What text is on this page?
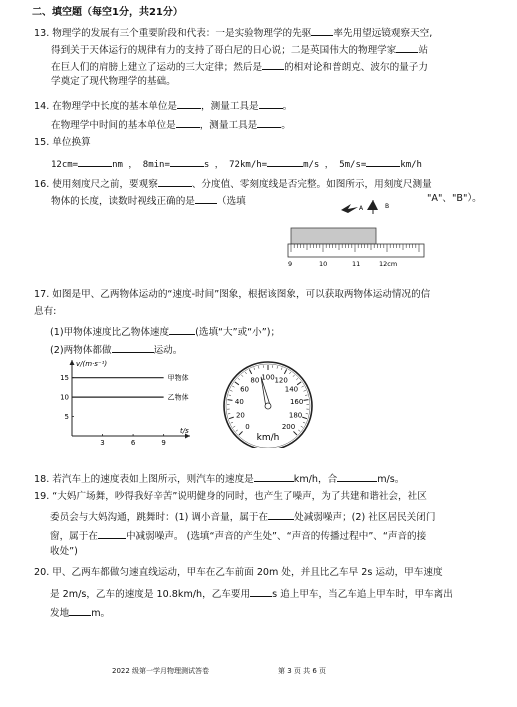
二、填空题（每空1分，共21分）
13. 物理学的发展有三个重要阶段和代表：一是实验物理学的先驱 率先用望远镜观察天空,
得到关于天体运行的规律有力的支持了哥白尼的日心说；二是英国伟大的物理学家 站
在巨人们的肩膀上建立了运动的三大定律；然后是 的相对论和普朗克、波尔的量子力
学奠定了现代物理学的基础。
14. 在物理学中长度的基本单位是	，测量工具是	。
在物理学中时间的基本单位是	，测量工具是	。
15. 单位换算
12cm=	nm ， 8min=	s ， 72km/h=	m/s ， 5m/s=	km/h
16. 使用刻度尺之前，要观察	、分度值、零刻度线是否完整。如图所示，用刻度尺测量
物体的长度，读数时视线正确的是 （选填	"A"、"B"）。
A	B
9	10	11	12cm
17. 如图是甲、乙两物体运动的“速度-时间”图象，根据该图象，可以获取两物体运动情况的信
息有:
(1)甲物体速度比乙物体速度	(选填“大”或“小”)；
(2)两物体都做	运动。
v/(m·s⁻¹)
t/s
15
10
5
3	6	9
甲物体
乙物体
0
20
40
60
80 100 120
140
160
180
200
km/h
18. 若汽车上的速度表如上图所示，则汽车的速度是	km/h，合	m/s。
19. “大妈广场舞，吵得我好辛苦”说明健身的同时，也产生了噪声，为了共建和谐社会，社区
委员会与大妈沟通，跳舞时：(1) 调小音量，属于在	处减弱噪声；(2) 社区居民关闭门
窗，属于在	中减弱噪声。 (选填“声音的产生处”、“声音的传播过程中”、“声音的接
收处”)
20. 甲、乙两车都做匀速直线运动，甲车在乙车前面 20m 处，并且比乙车早 2s 运动，甲车速度
是 2m/s，乙车的速度是 10.8km/h，乙车要用 s 追上甲车，当乙车追上甲车时，甲车离出
发地 m。
2022 级第一学月物理测试答卷	第 3 页 共 6 页
